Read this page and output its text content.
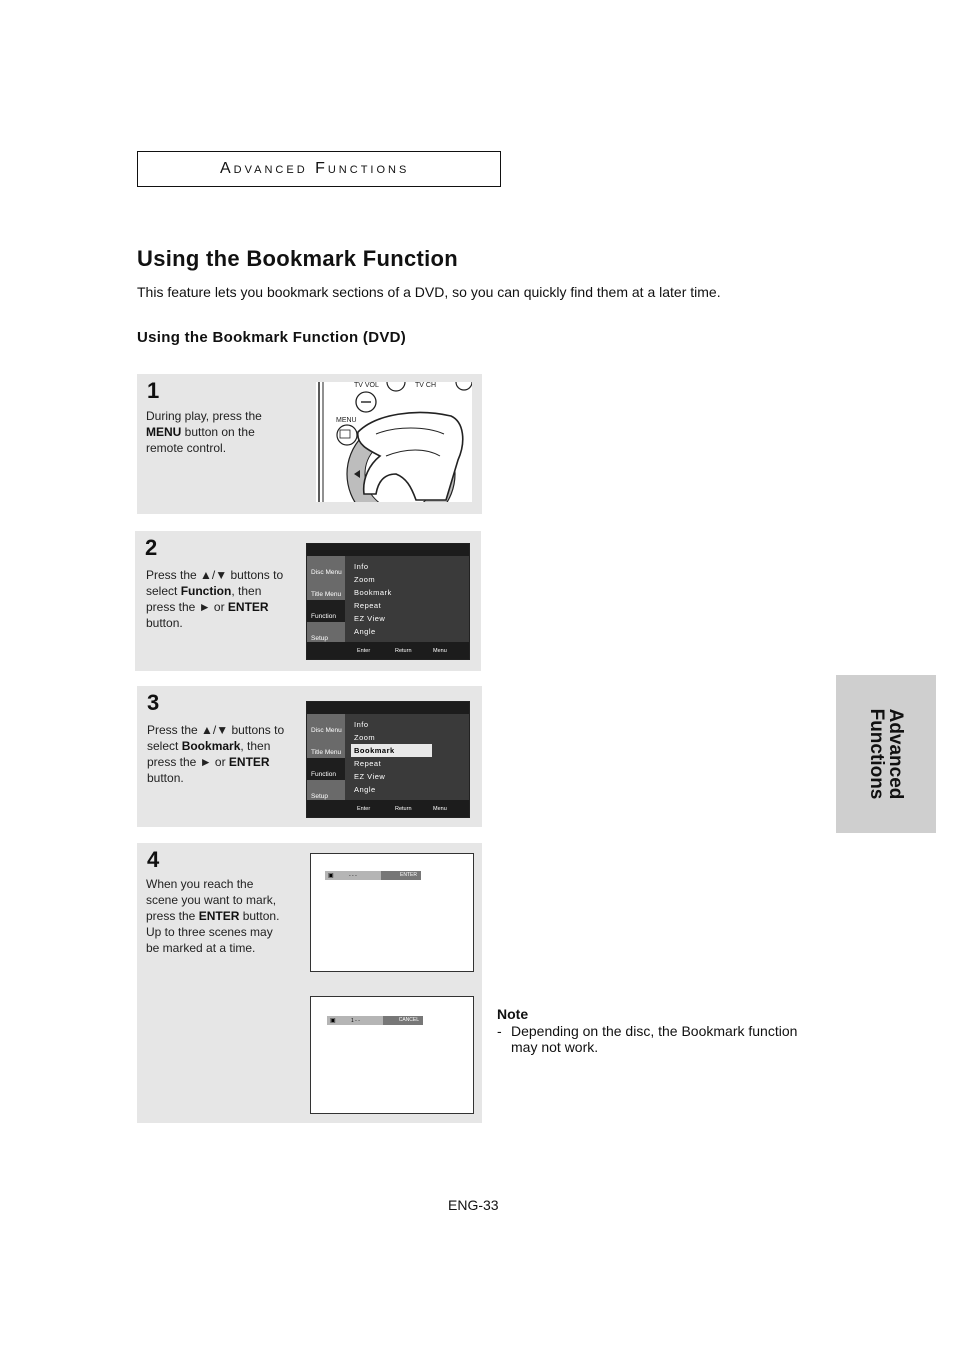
Advanced Functions
Using the Bookmark Function
This feature lets you bookmark sections of a DVD, so you can quickly find them at a later time.
Using the Bookmark Function (DVD)
1
During play, press the MENU button on the remote control.
TV VOL	TV CH
MENU
2
Press the ▲/▼ buttons to select Function, then press the ► or ENTER button.
Disc Menu
Title Menu
Function
Setup
Info
Zoom
Bookmark
Repeat
EZ View
Angle
Enter	Return	Menu
3
Press the ▲/▼ buttons to select Bookmark, then press the ► or ENTER button.
Disc Menu
Title Menu
Function
Setup
Info
Zoom
Bookmark
Repeat
EZ View
Angle
Enter	Return	Menu
4
When you reach the scene you want to mark, press the ENTER button. Up to three scenes may be marked at a time.
▣	- - -	ENTER
▣	1 - -	CANCEL
Advanced
Functions
Note
- Depending on the disc, the Bookmark function may not work.
ENG-33
